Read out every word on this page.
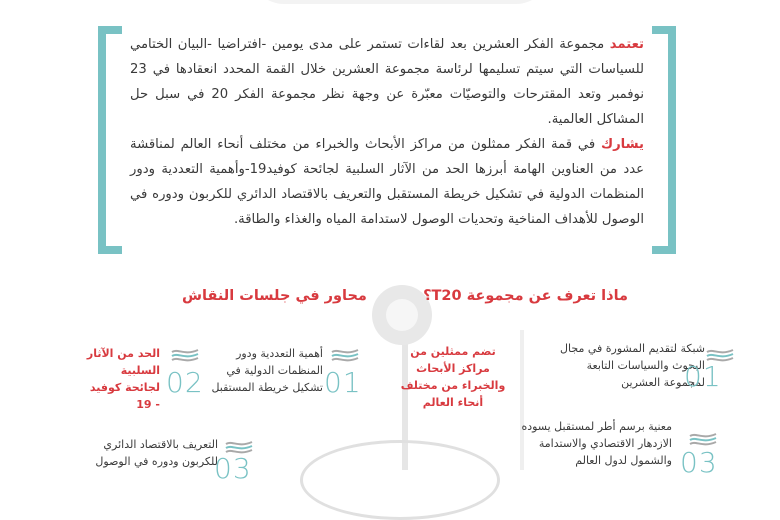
تعتمد مجموعة الفكر العشرين بعد لقاءات تستمر على مدى يومين -افتراضيا -البيان الختامي للسياسات التي سيتم تسليمها لرئاسة مجموعة العشرين خلال القمة المحدد انعقادها في 23 نوفمبر وتعد المقترحات والتوصيّات معبّرة عن وجهة نظر مجموعة الفكر 20 في سبل حل المشاكل العالمية.
يشارك في قمة الفكر ممثلون من مراكز الأبحاث والخبراء من مختلف أنحاء العالم لمناقشة عدد من العناوين الهامة أبرزها الحد من الآثار السلبية لجائحة كوفيد19-وأهمية التعددية ودور المنظمات الدولية في تشكيل خريطة المستقبل والتعريف بالاقتصاد الدائري للكربون ودوره في الوصول للأهداف المناخية وتحديات الوصول لاستدامة المياه والغذاء والطاقة.
ماذا تعرف عن مجموعة T20؟
تضم ممثلين من مراكز الأبحاث والخبراء من مختلف أنحاء العالم
شبكة لتقديم المشورة في مجال البحوث والسياسات التابعة لمجموعة العشرين
01
معنية برسم أطر لمستقبل يسوده الازدهار الاقتصادي والاستدامة والشمول لدول العالم 03
محاور في جلسات النقاش
أهمية التعددية ودور المنظمات الدولية في تشكيل خريطة المستقبل 01
الحد من الآثار السلبية لجائحة كوفيد - 19
02
التعريف بالاقتصاد الدائري للكربون ودوره في الوصول
03
